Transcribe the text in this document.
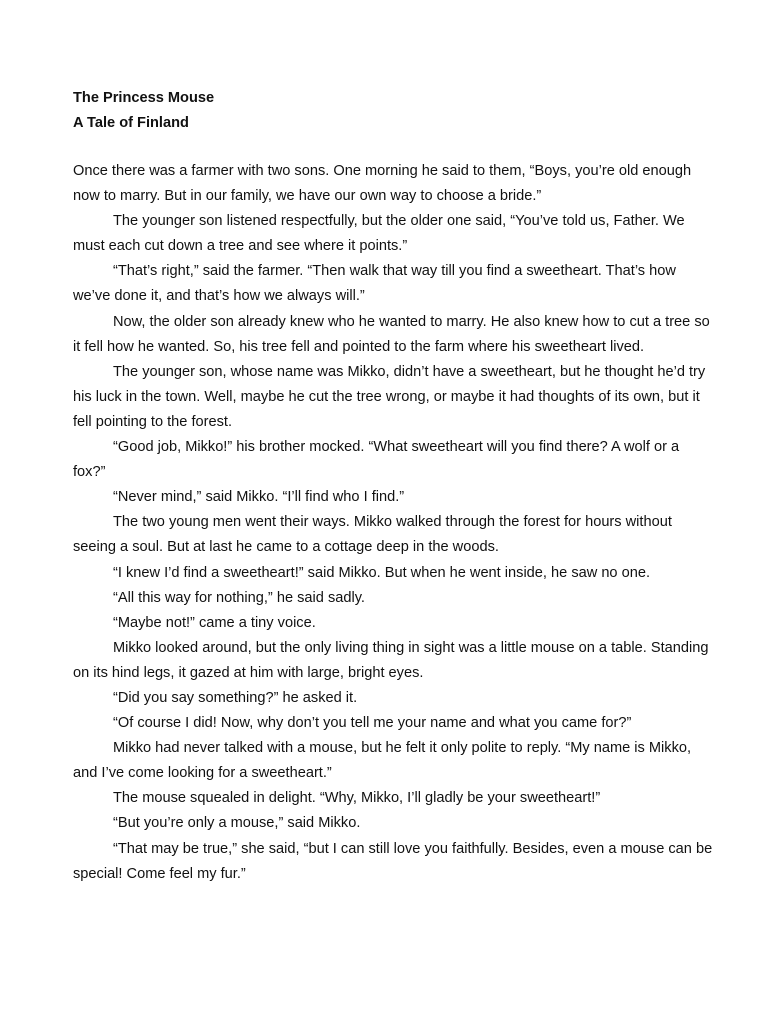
The Princess Mouse
A Tale of Finland

Once there was a farmer with two sons. One morning he said to them, “Boys, you’re old enough now to marry. But in our family, we have our own way to choose a bride.”

The younger son listened respectfully, but the older one said, “You’ve told us, Father. We must each cut down a tree and see where it points.”

“That’s right,” said the farmer. “Then walk that way till you find a sweetheart. That’s how we’ve done it, and that’s how we always will.”

Now, the older son already knew who he wanted to marry. He also knew how to cut a tree so it fell how he wanted. So, his tree fell and pointed to the farm where his sweetheart lived.

The younger son, whose name was Mikko, didn’t have a sweetheart, but he thought he’d try his luck in the town. Well, maybe he cut the tree wrong, or maybe it had thoughts of its own, but it fell pointing to the forest.

“Good job, Mikko!” his brother mocked. “What sweetheart will you find there? A wolf or a fox?”

“Never mind,” said Mikko. “I’ll find who I find.”

The two young men went their ways. Mikko walked through the forest for hours without seeing a soul. But at last he came to a cottage deep in the woods.

“I knew I’d find a sweetheart!” said Mikko. But when he went inside, he saw no one.

“All this way for nothing,” he said sadly.

“Maybe not!” came a tiny voice.

Mikko looked around, but the only living thing in sight was a little mouse on a table. Standing on its hind legs, it gazed at him with large, bright eyes.

“Did you say something?” he asked it.

“Of course I did! Now, why don’t you tell me your name and what you came for?”

Mikko had never talked with a mouse, but he felt it only polite to reply. “My name is Mikko, and I’ve come looking for a sweetheart.”

The mouse squealed in delight. “Why, Mikko, I’ll gladly be your sweetheart!”

“But you’re only a mouse,” said Mikko.

“That may be true,” she said, “but I can still love you faithfully. Besides, even a mouse can be special! Come feel my fur.”
